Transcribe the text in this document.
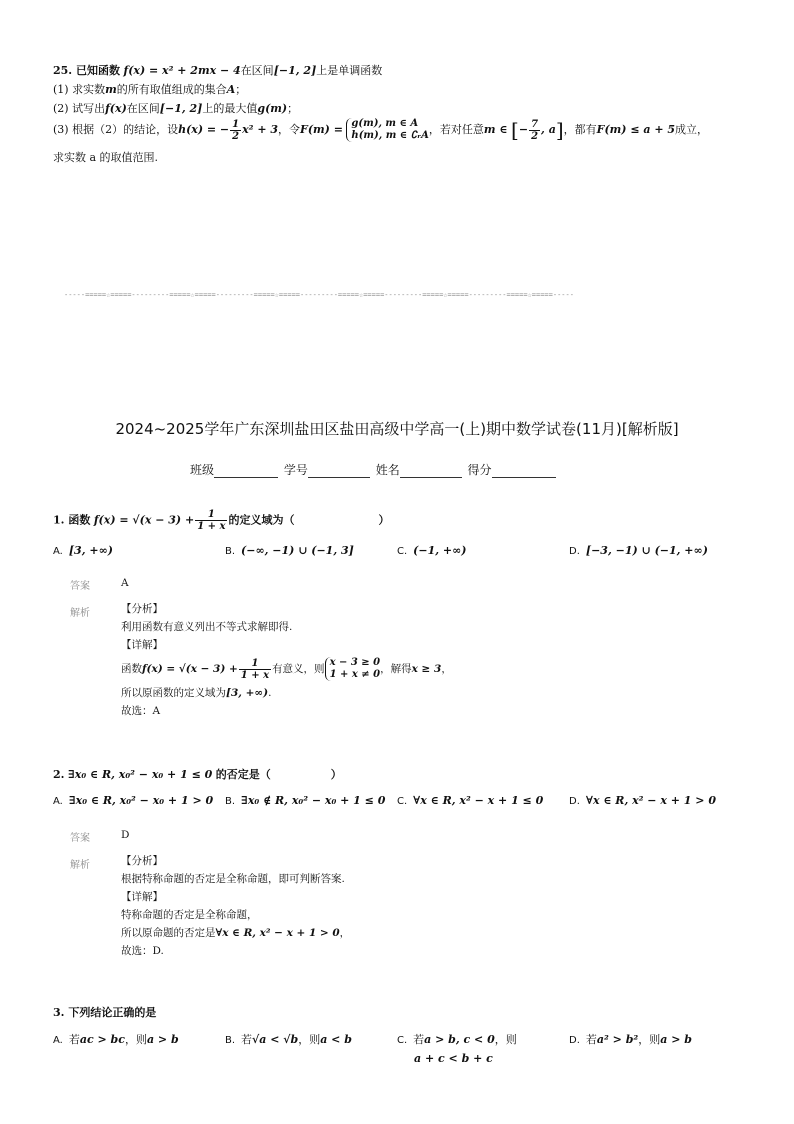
25. 已知函数 f(x) = x² + 2mx − 4在区间[−1, 2]上是单调函数
(1) 求实数m的所有取值组成的集合A；
(2) 试写出f(x)在区间[−1, 2]上的最大值g(m)；
(3) 根据（2）的结论，设h(x) = − $\frac{1}{2} x^2 + 3$，令F(m) = g(m), m ∈ A
h(m), m ∈ ∁ᵣA ，若对任意m ∈ [− $\frac{7}{2}$ , a]，都有F(m) ≤ a + 5成立，
求实数 a 的取值范围.
-----=====☆=====---------=====☆=====---------=====☆=====---------=====☆=====---------=====☆=====---------=====☆=====-----
2024~2025学年广东深圳盐田区盐田高级中学高一(上)期中数学试卷(11月)[解析版]
班级	学号	姓名	得分
1. 函数 $f(x) = √(x - 3) + \frac{1}{1 + x}$ 的定义域为（	）
A. [3, +∞)	B. (−∞, −1) ∪ (−1, 3]	C. (−1, +∞)	D. [−3, −1) ∪ (−1, +∞)
答案	A
解析	【分析】
利用函数有意义列出不等式求解即得.
【详解】
函数$f(x) = √(x - 3) + \frac{1}{1 + x}$ 有意义，则
x − 3 ≥ 0
1 + x ≠ 0 ，解得x ≥ 3，
所以原函数的定义域为[3, +∞).
故选：A
2. ∃x₀ ∈ R, x₀² − x₀ + 1 ≤ 0 的否定是（	）
A. ∃x₀ ∈ R, x₀² − x₀ + 1 > 0 B. ∃x₀ ∉ R, x₀² − x₀ + 1 ≤ 0 C. ∀x ∈ R, x² − x + 1 ≤ 0	D. ∀x ∈ R, x² − x + 1 > 0
答案	D
解析	【分析】
根据特称命题的否定是全称命题，即可判断答案.
【详解】
特称命题的否定是全称命题，
所以原命题的否定是∀x ∈ R, x² − x + 1 > 0，
故选：D.
3. 下列结论正确的是
A. 若ac > bc，则a > b	B. 若√a < √b，则a < b	C. 若a > b, c < 0，则
a + c < b + c
D. 若a² > b²，则a > b
